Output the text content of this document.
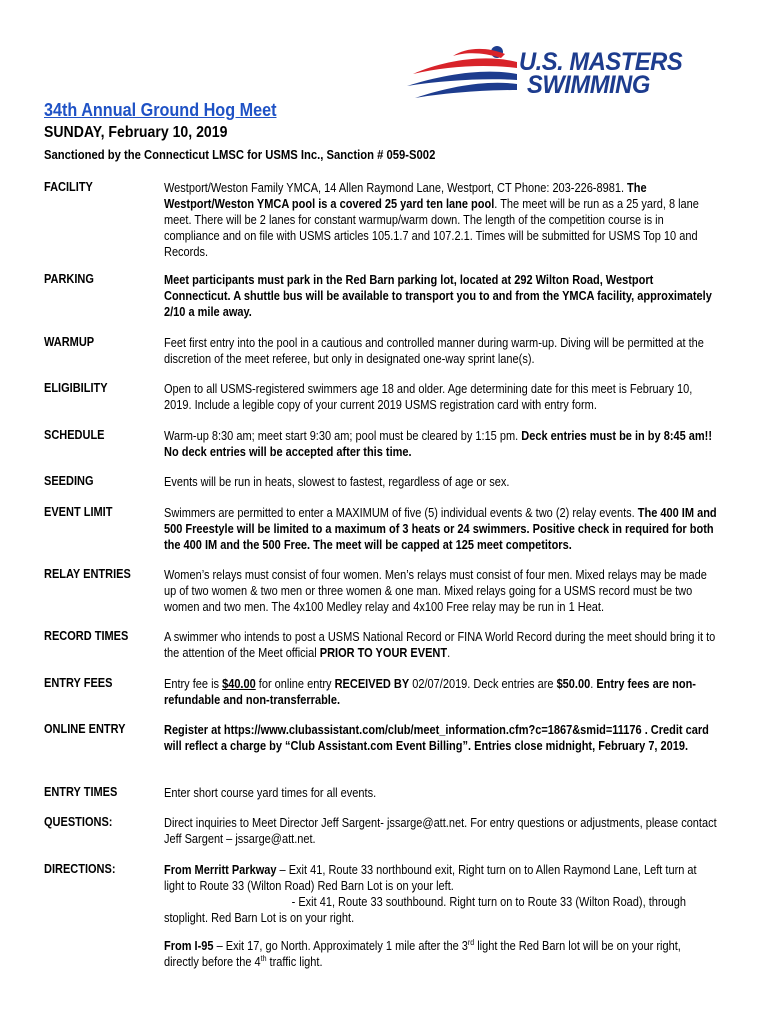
U.S. MASTERS
SWIMMING
34th Annual Ground Hog Meet
SUNDAY, February 10, 2019
Sanctioned by the Connecticut LMSC for USMS Inc., Sanction # 059-S002
FACILITY	Westport/Weston Family YMCA, 14 Allen Raymond Lane, Westport, CT Phone: 203-226-8981. The Westport/Weston YMCA pool is a covered 25 yard ten lane pool. The meet will be run as a 25 yard, 8 lane meet. There will be 2 lanes for constant warmup/warm down. The length of the competition course is in compliance and on file with USMS articles 105.1.7 and 107.2.1. Times will be submitted for USMS Top 10 and Records.
PARKING	Meet participants must park in the Red Barn parking lot, located at 292 Wilton Road, Westport Connecticut. A shuttle bus will be available to transport you to and from the YMCA facility, approximately 2/10 a mile away.
WARMUP	Feet first entry into the pool in a cautious and controlled manner during warm-up. Diving will be permitted at the discretion of the meet referee, but only in designated one-way sprint lane(s).
ELIGIBILITY	Open to all USMS-registered swimmers age 18 and older. Age determining date for this meet is February 10, 2019. Include a legible copy of your current 2019 USMS registration card with entry form.
SCHEDULE	Warm-up 8:30 am; meet start 9:30 am; pool must be cleared by 1:15 pm. Deck entries must be in by 8:45 am!! No deck entries will be accepted after this time.
SEEDING	Events will be run in heats, slowest to fastest, regardless of age or sex.
EVENT LIMIT	Swimmers are permitted to enter a MAXIMUM of five (5) individual events & two (2) relay events. The 400 IM and 500 Freestyle will be limited to a maximum of 3 heats or 24 swimmers. Positive check in required for both the 400 IM and the 500 Free. The meet will be capped at 125 meet competitors.
RELAY ENTRIES	Women’s relays must consist of four women. Men’s relays must consist of four men. Mixed relays may be made up of two women & two men or three women & one man. Mixed relays going for a USMS record must be two women and two men. The 4x100 Medley relay and 4x100 Free relay may be run in 1 Heat.
RECORD TIMES	A swimmer who intends to post a USMS National Record or FINA World Record during the meet should bring it to the attention of the Meet official PRIOR TO YOUR EVENT.
ENTRY FEES	Entry fee is $40.00 for online entry RECEIVED BY 02/07/2019. Deck entries are $50.00. Entry fees are non-refundable and non-transferrable.
ONLINE ENTRY	Register at https://www.clubassistant.com/club/meet_information.cfm?c=1867&smid=11176 . Credit card will reflect a charge by “Club Assistant.com Event Billing”. Entries close midnight, February 7, 2019.
ENTRY TIMES	Enter short course yard times for all events.
QUESTIONS:	Direct inquiries to Meet Director Jeff Sargent- jssarge@att.net. For entry questions or adjustments, please contact Jeff Sargent – jssarge@att.net.
DIRECTIONS:	From Merritt Parkway – Exit 41, Route 33 northbound exit, Right turn on to Allen Raymond Lane, Left turn at light to Route 33 (Wilton Road) Red Barn Lot is on your left.

- Exit 41, Route 33 southbound. Right turn on to Route 33 (Wilton Road), through stoplight. Red Barn Lot is on your right.

From I-95 – Exit 17, go North. Approximately 1 mile after the 3rd light the Red Barn lot will be on your right, directly before the 4th traffic light.
